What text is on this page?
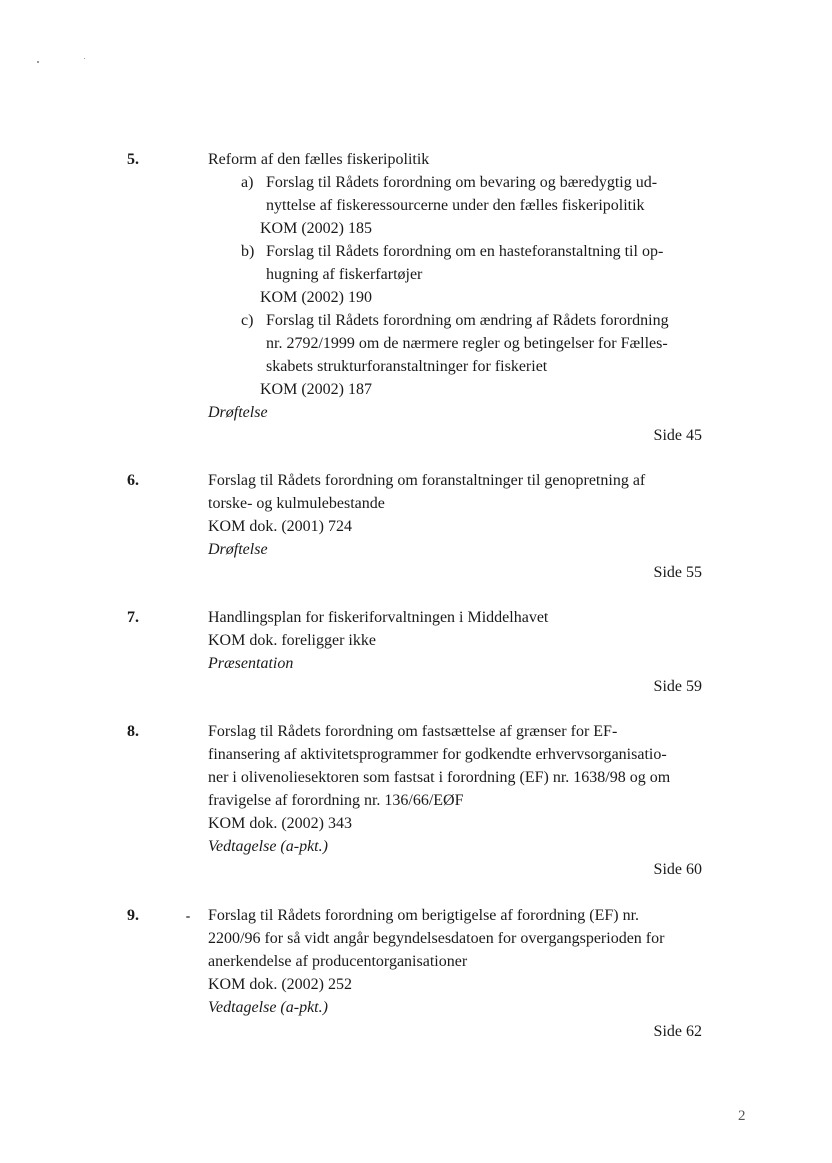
5.	Reform af den fælles fiskeripolitik
a) Forslag til Rådets forordning om bevaring og bæredygtig ud-
nyttelse af fiskeressourcerne under den fælles fiskeripolitik
KOM (2002) 185
b) Forslag til Rådets forordning om en hasteforanstaltning til op-
hugning af fiskerfartøjer
KOM (2002) 190
c) Forslag til Rådets forordning om ændring af Rådets forordning
nr. 2792/1999 om de nærmere regler og betingelser for Fælles-
skabets strukturforanstaltninger for fiskeriet
KOM (2002) 187
Drøftelse
Side 45
6.	Forslag til Rådets forordning om foranstaltninger til genopretning af
torske- og kulmulebestande
KOM dok. (2001) 724
Drøftelse
Side 55
7.	Handlingsplan for fiskeriforvaltningen i Middelhavet
KOM dok. foreligger ikke
Præsentation
Side 59
8.	Forslag til Rådets forordning om fastsættelse af grænser for EF-
finansering af aktivitetsprogrammer for godkendte erhvervsorganisatio-
ner i olivenoliesektoren som fastsat i forordning (EF) nr. 1638/98 og om
fravigelse af forordning nr. 136/66/EØF
KOM dok. (2002) 343
Vedtagelse (a-pkt.)
Side 60
9.	Forslag til Rådets forordning om berigtigelse af forordning (EF) nr.
2200/96 for så vidt angår begyndelsesdatoen for overgangsperioden for
anerkendelse af producentorganisationer
KOM dok. (2002) 252
Vedtagelse (a-pkt.)
Side 62
2
